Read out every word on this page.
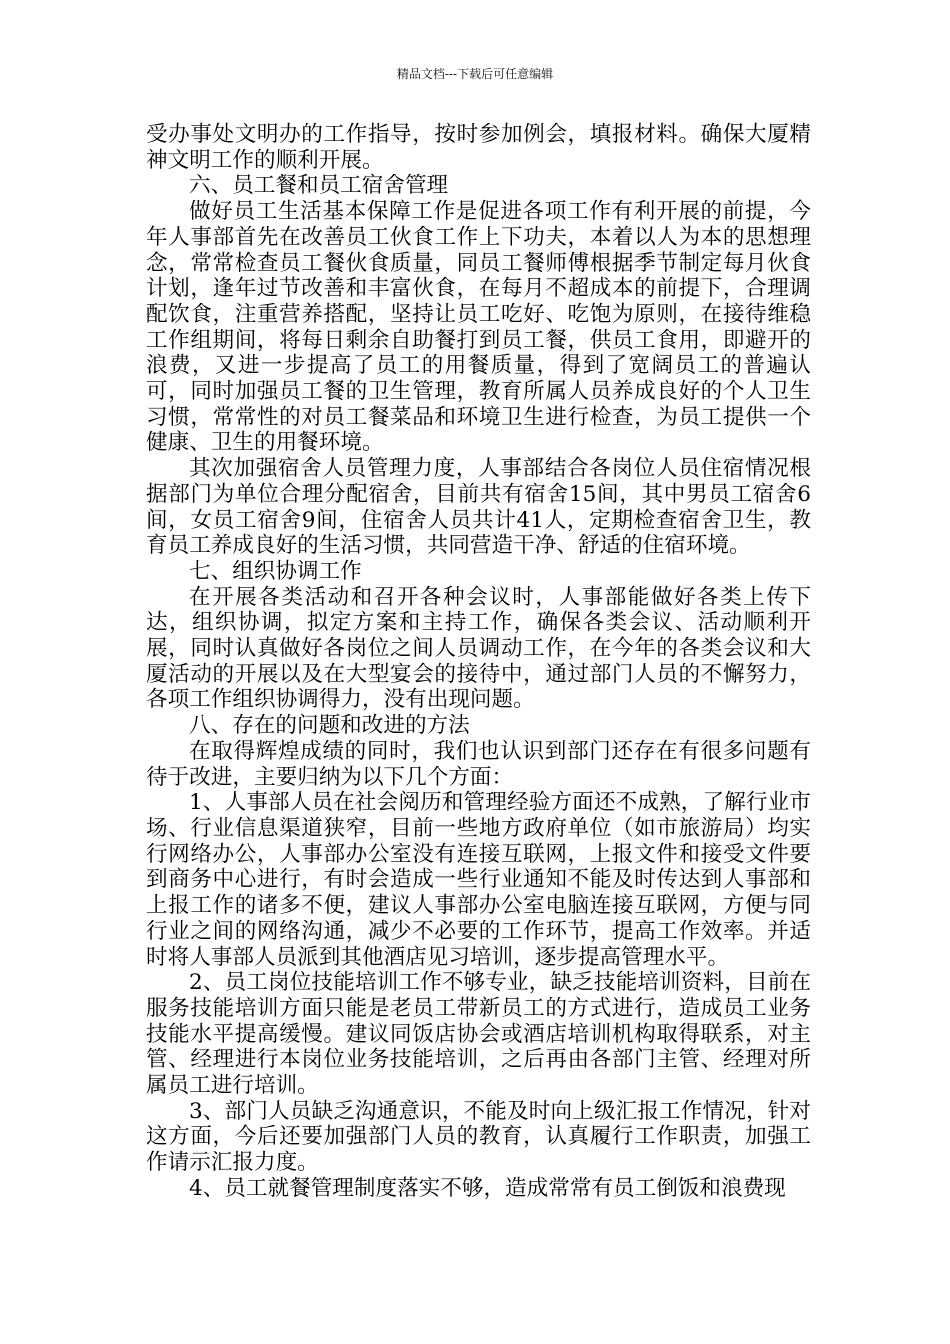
精品文档---下载后可任意编辑

受办事处文明办的工作指导，按时参加例会，填报材料。确保大厦精神文明工作的顺利开展。

六、员工餐和员工宿舍管理

做好员工生活基本保障工作是促进各项工作有利开展的前提，今年人事部首先在改善员工伙食工作上下功夫，本着以人为本的思想理念，常常检查员工餐伙食质量，同员工餐师傅根据季节制定每月伙食计划，逢年过节改善和丰富伙食，在每月不超成本的前提下，合理调配饮食，注重营养搭配，坚持让员工吃好、吃饱为原则，在接待维稳工作组期间，将每日剩余自助餐打到员工餐，供员工食用，即避开的浪费，又进一步提高了员工的用餐质量，得到了宽阔员工的普遍认可，同时加强员工餐的卫生管理，教育所属人员养成良好的个人卫生习惯，常常性的对员工餐菜品和环境卫生进行检查，为员工提供一个健康、卫生的用餐环境。

其次加强宿舍人员管理力度，人事部结合各岗位人员住宿情况根据部门为单位合理分配宿舍，目前共有宿舍15间，其中男员工宿舍6间，女员工宿舍9间，住宿舍人员共计41人，定期检查宿舍卫生，教育员工养成良好的生活习惯，共同营造干净、舒适的住宿环境。

七、组织协调工作

在开展各类活动和召开各种会议时，人事部能做好各类上传下达，组织协调，拟定方案和主持工作，确保各类会议、活动顺利开展，同时认真做好各岗位之间人员调动工作，在今年的各类会议和大厦活动的开展以及在大型宴会的接待中，通过部门人员的不懈努力，各项工作组织协调得力，没有出现问题。

八、存在的问题和改进的方法

在取得辉煌成绩的同时，我们也认识到部门还存在有很多问题有待于改进，主要归纳为以下几个方面：

1、人事部人员在社会阅历和管理经验方面还不成熟，了解行业市场、行业信息渠道狭窄，目前一些地方政府单位（如市旅游局）均实行网络办公，人事部办公室没有连接互联网，上报文件和接受文件要到商务中心进行，有时会造成一些行业通知不能及时传达到人事部和上报工作的诸多不便，建议人事部办公室电脑连接互联网，方便与同行业之间的网络沟通，减少不必要的工作环节，提高工作效率。并适时将人事部人员派到其他酒店见习培训，逐步提高管理水平。

2、员工岗位技能培训工作不够专业，缺乏技能培训资料，目前在服务技能培训方面只能是老员工带新员工的方式进行，造成员工业务技能水平提高缓慢。建议同饭店协会或酒店培训机构取得联系，对主管、经理进行本岗位业务技能培训，之后再由各部门主管、经理对所属员工进行培训。

3、部门人员缺乏沟通意识，不能及时向上级汇报工作情况，针对这方面，今后还要加强部门人员的教育，认真履行工作职责，加强工作请示汇报力度。

4、员工就餐管理制度落实不够，造成常常有员工倒饭和浪费现
